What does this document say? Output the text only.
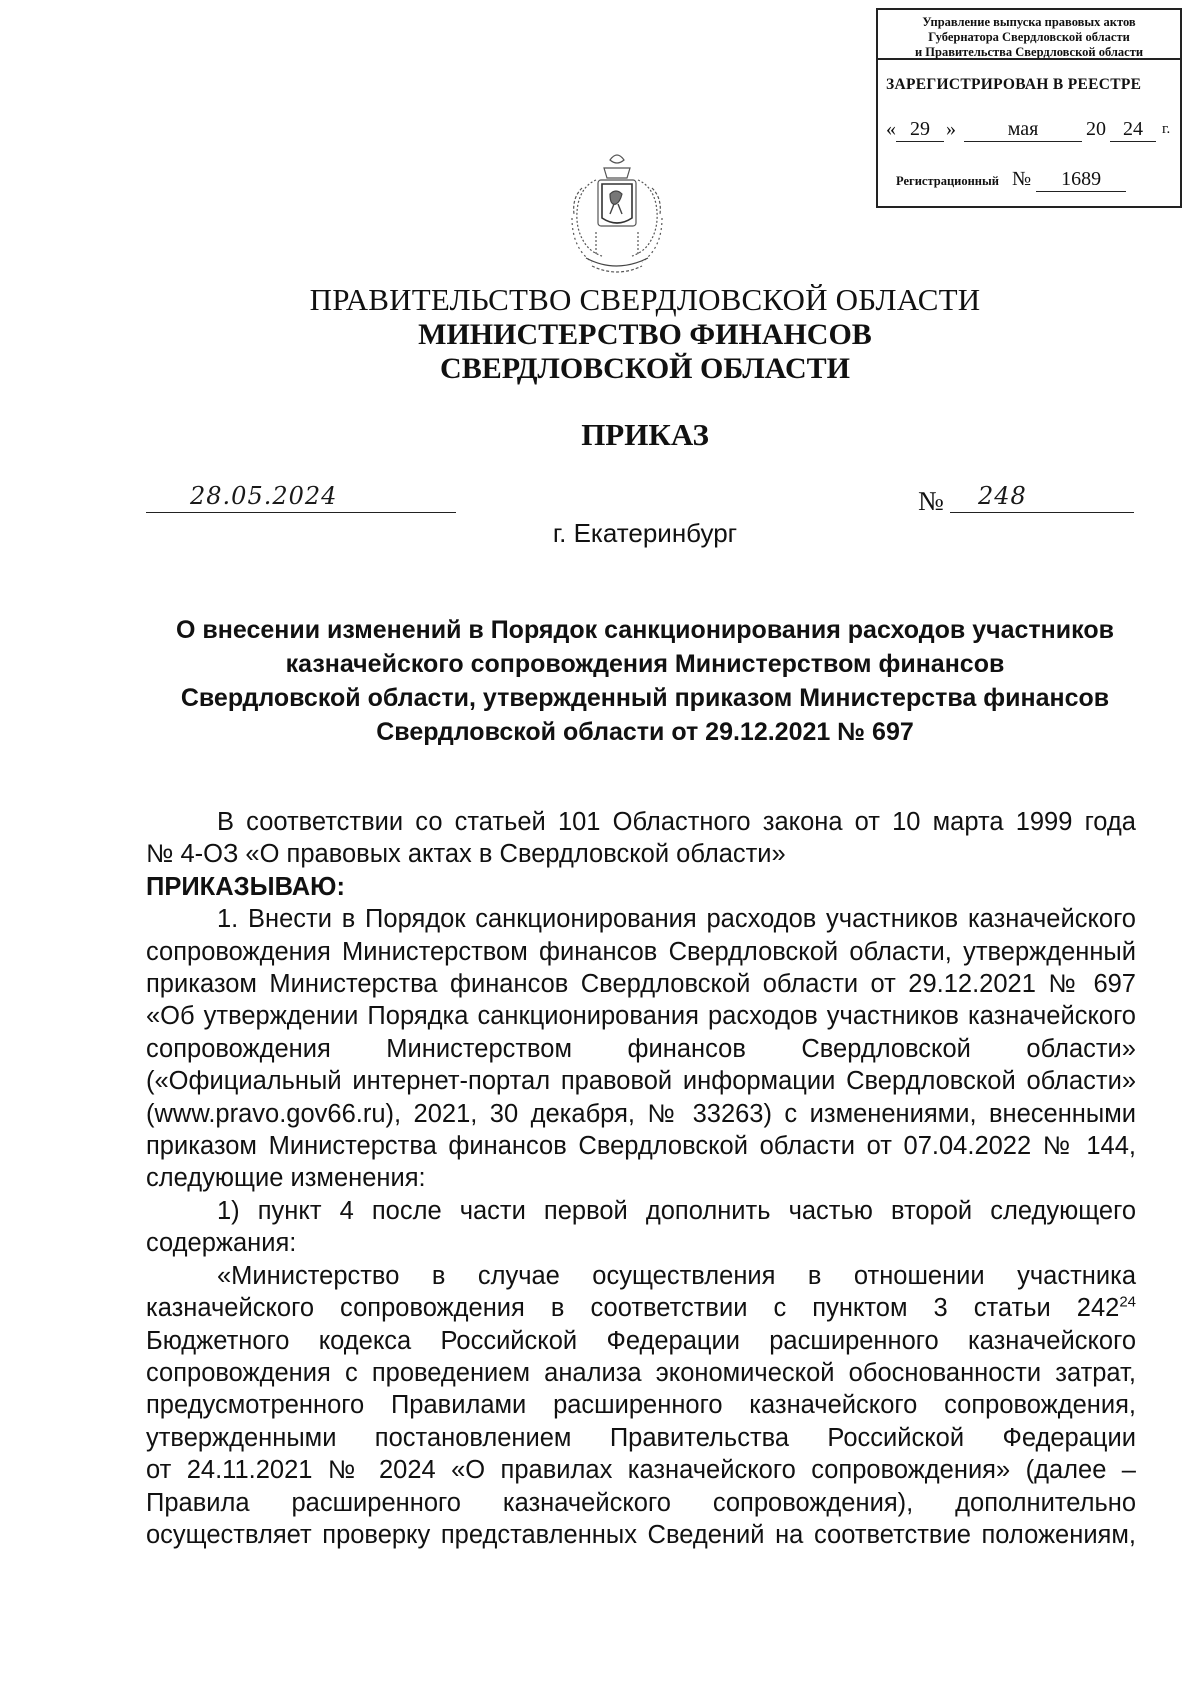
Управление выпуска правовых актов
Губернатора Свердловской области
и Правительства Свердловской области
ЗАРЕГИСТРИРОВАН В РЕЕСТРЕ
« 29 »	мая	20 24	г.
Регистрационный № 1689
ПРАВИТЕЛЬСТВО СВЕРДЛОВСКОЙ ОБЛАСТИ
МИНИСТЕРСТВО ФИНАНСОВ
СВЕРДЛОВСКОЙ ОБЛАСТИ
ПРИКАЗ
28.05.2024	№ 248
г. Екатеринбург
О внесении изменений в Порядок санкционирования расходов участников
казначейского сопровождения Министерством финансов
Свердловской области, утвержденный приказом Министерства финансов
Свердловской области от 29.12.2021 № 697
В соответствии со статьей 101 Областного закона от 10 марта 1999 года
№ 4-ОЗ «О правовых актах в Свердловской области»
ПРИКАЗЫВАЮ:
1. Внести в Порядок санкционирования расходов участников казначейского
сопровождения Министерством финансов Свердловской области, утвержденный
приказом Министерства финансов Свердловской области от 29.12.2021 № 697
«Об утверждении Порядка санкционирования расходов участников казначейского
сопровождения Министерством финансов Свердловской области»
(«Официальный интернет-портал правовой информации Свердловской области»
(www.pravo.gov66.ru), 2021, 30 декабря, № 33263) с изменениями, внесенными
приказом Министерства финансов Свердловской области от 07.04.2022 № 144,
следующие изменения:
1) пункт 4 после части первой дополнить частью второй следующего
содержания:
«Министерство в случае осуществления в отношении участника
казначейского сопровождения в соответствии с пунктом 3 статьи $242^{24}$
Бюджетного кодекса Российской Федерации расширенного казначейского
сопровождения с проведением анализа экономической обоснованности затрат,
предусмотренного Правилами расширенного казначейского сопровождения,
утвержденными постановлением Правительства Российской Федерации
от 24.11.2021 № 2024 «О правилах казначейского сопровождения» (далее –
Правила расширенного казначейского сопровождения), дополнительно
осуществляет проверку представленных Сведений на соответствие положениям,
